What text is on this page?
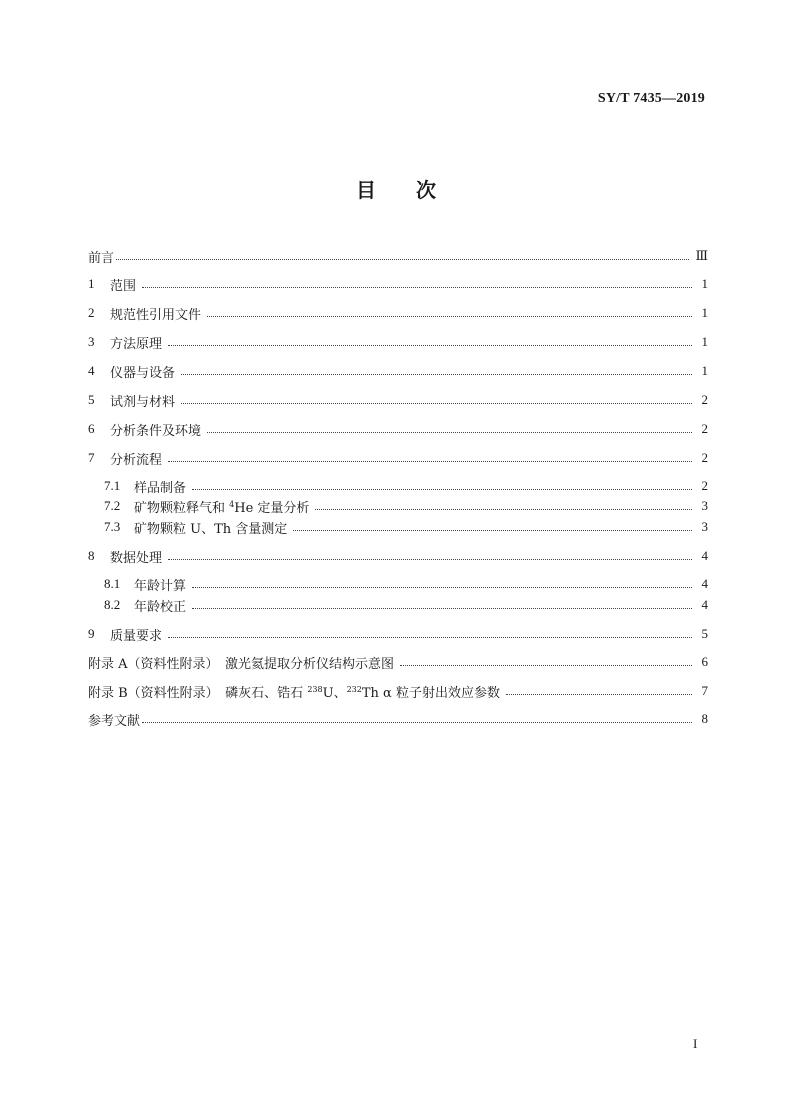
SY/T 7435—2019
目　　次
前言	Ⅲ
1	范围	1
2	规范性引用文件	1
3	方法原理	1
4	仪器与设备	1
5	试剂与材料	2
6	分析条件及环境	2
7	分析流程	2
7.1	样品制备	2
7.2	矿物颗粒释气和 $^4$He 定量分析	3
7.3	矿物颗粒 U、Th 含量测定	3
8	数据处理	4
8.1	年龄计算	4
8.2	年龄校正	4
9	质量要求	5
附录 A（资料性附录）　激光氦提取分析仪结构示意图	6
附录 B（资料性附录）　磷灰石、锆石 $^{238}$U、$^{232}$Th α 粒子射出效应参数	7
参考文献	8
I
